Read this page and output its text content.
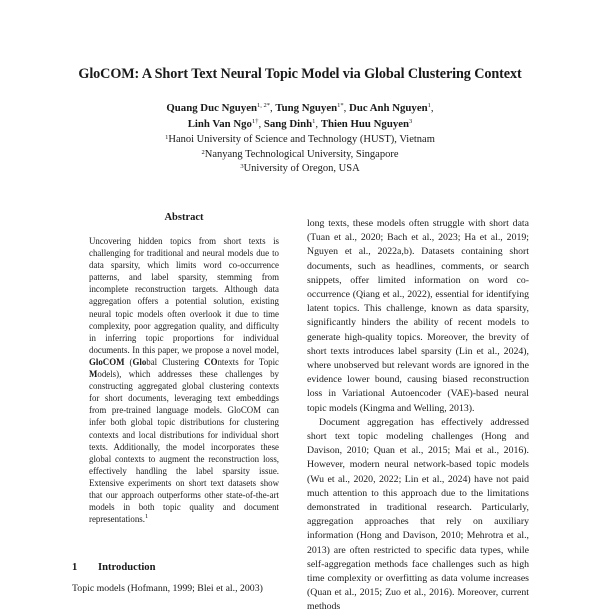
GloCOM: A Short Text Neural Topic Model via Global Clustering Context
Quang Duc Nguyen$^{1, 2*}$, Tung Nguyen$^{1*}$, Duc Anh Nguyen$^1$,
Linh Van Ngo$^{1\dagger}$, Sang Dinh$^1$, Thien Huu Nguyen$^3$
$^1$Hanoi University of Science and Technology (HUST), Vietnam
$^2$Nanyang Technological University, Singapore
$^3$University of Oregon, USA
Abstract
Uncovering hidden topics from short texts is challenging for traditional and neural models due to data sparsity, which limits word co-occurrence patterns, and label sparsity, stemming from incomplete reconstruction targets. Although data aggregation offers a potential solution, existing neural topic models often overlook it due to time complexity, poor aggregation quality, and difficulty in inferring topic proportions for individual documents. In this paper, we propose a novel model, GloCOM (Global Clustering COntexts for Topic Models), which addresses these challenges by constructing aggregated global clustering contexts for short documents, leveraging text embeddings from pre-trained language models. GloCOM can infer both global topic distributions for clustering contexts and local distributions for individual short texts. Additionally, the model incorporates these global contexts to augment the reconstruction loss, effectively handling the label sparsity issue. Extensive experiments on short text datasets show that our approach outperforms other state-of-the-art models in both topic quality and document representations.$^1$
1 Introduction
Topic models (Hofmann, 1999; Blei et al., 2003)

long texts, these models often struggle with short data (Tuan et al., 2020; Bach et al., 2023; Ha et al., 2019; Nguyen et al., 2022a,b). Datasets containing short documents, such as headlines, comments, or search snippets, offer limited information on word co-occurrence (Qiang et al., 2022), essential for identifying latent topics. This challenge, known as data sparsity, significantly hinders the ability of recent models to generate high-quality topics. Moreover, the brevity of short texts introduces label sparsity (Lin et al., 2024), where unobserved but relevant words are ignored in the evidence lower bound, causing biased reconstruction loss in Variational Autoencoder (VAE)-based neural topic models (Kingma and Welling, 2013).

Document aggregation has effectively addressed short text topic modeling challenges (Hong and Davison, 2010; Quan et al., 2015; Mai et al., 2016). However, modern neural network-based topic models (Wu et al., 2020, 2022; Lin et al., 2024) have not paid much attention to this approach due to the limitations demonstrated in traditional research. Particularly, aggregation approaches that rely on auxiliary information (Hong and Davison, 2010; Mehrotra et al., 2013) are often restricted to specific data types, while self-aggregation methods face challenges such as high time complexity or overfitting as data volume increases (Quan et al., 2015; Zuo et al., 2016). Moreover, current methods
